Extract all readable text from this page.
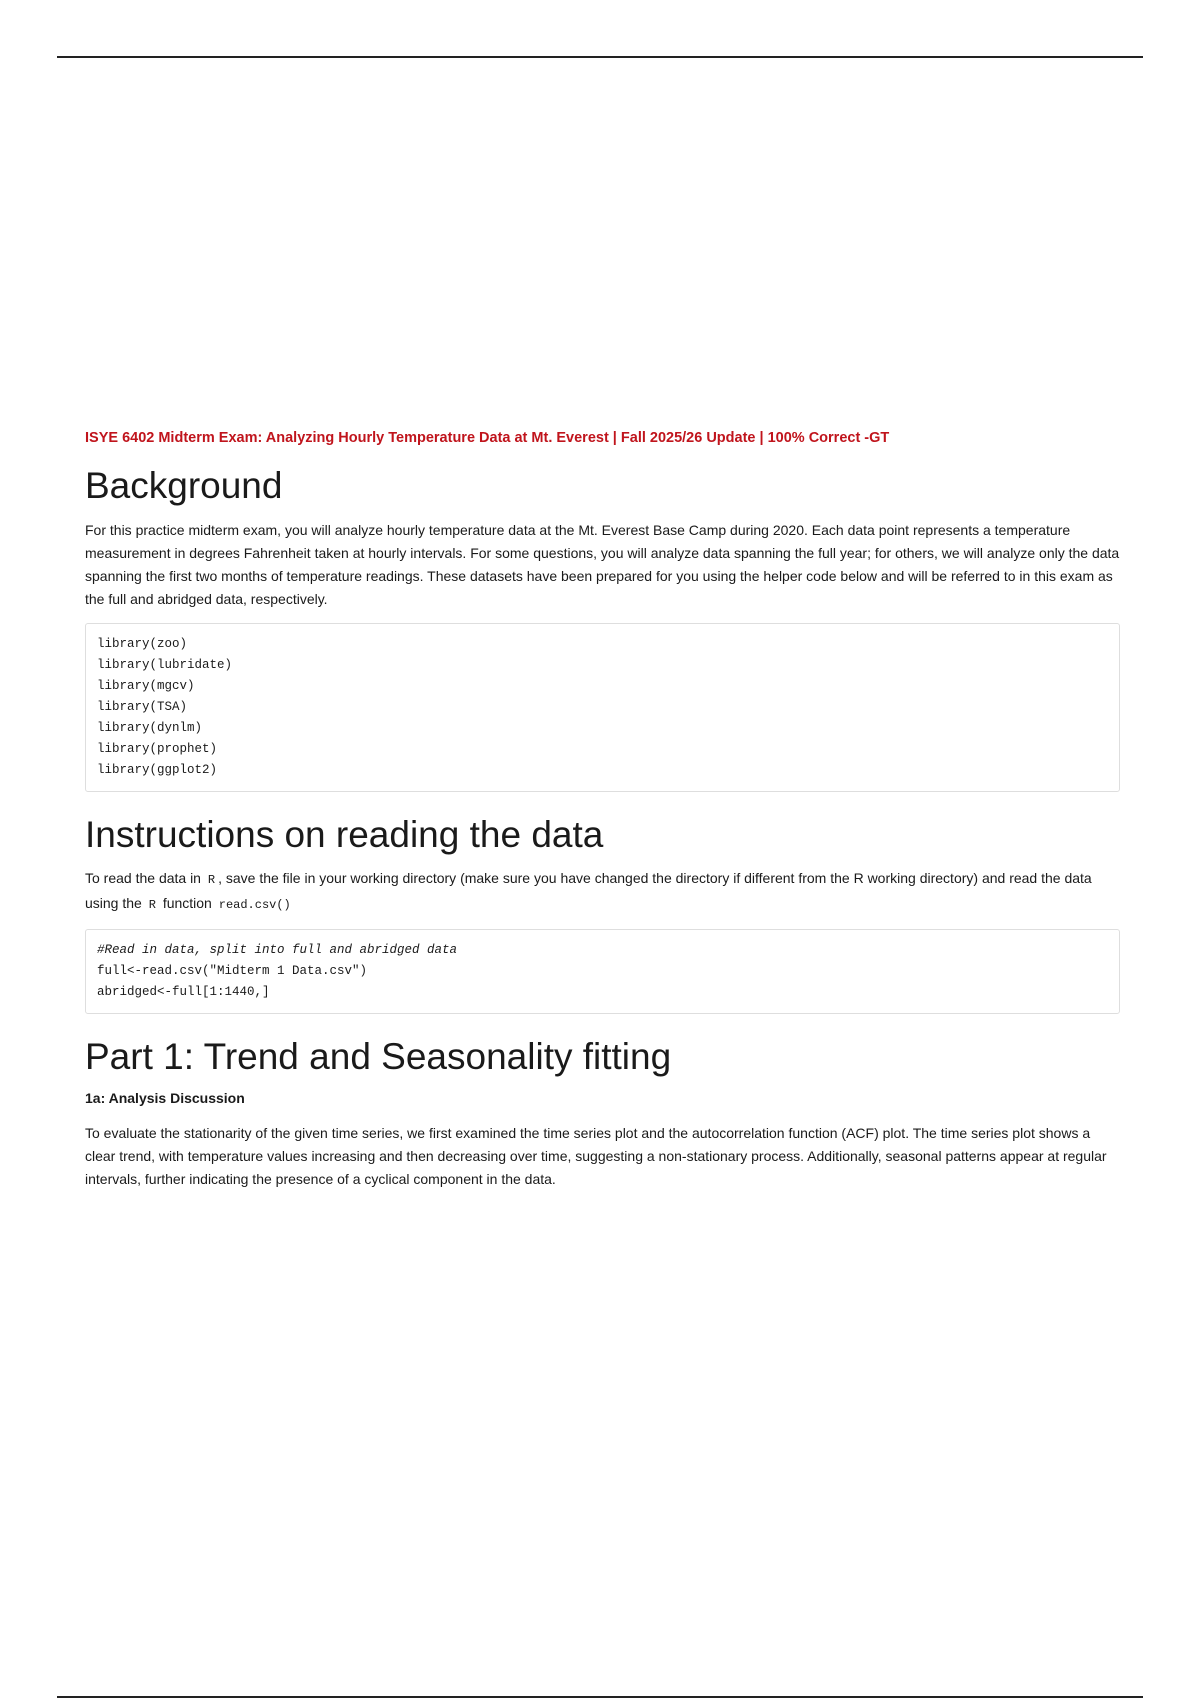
ISYE 6402 Midterm Exam: Analyzing Hourly Temperature Data at Mt. Everest | Fall 2025/26 Update | 100% Correct -GT
Background

For this practice midterm exam, you will analyze hourly temperature data at the Mt. Everest Base Camp during 2020. Each data point represents a temperature measurement in degrees Fahrenheit taken at hourly intervals. For some questions, you will analyze data spanning the full year; for others, we will analyze only the data spanning the first two months of temperature readings. These datasets have been prepared for you using the helper code below and will be referred to in this exam as the full and abridged data, respectively.

library(zoo)
library(lubridate)
library(mgcv)
library(TSA)
library(dynlm)
library(prophet)
library(ggplot2)
Instructions on reading the data

To read the data in R , save the file in your working directory (make sure you have changed the directory if different from the R working directory) and read the data using the R function read.csv()

#Read in data, split into full and abridged data
full<-read.csv("Midterm 1 Data.csv")
abridged<-full[1:1440,]
Part 1: Trend and Seasonality fitting
1a: Analysis Discussion

To evaluate the stationarity of the given time series, we first examined the time series plot and the autocorrelation function (ACF) plot. The time series plot shows a clear trend, with temperature values increasing and then decreasing over time, suggesting a non-stationary process. Additionally, seasonal patterns appear at regular intervals, further indicating the presence of a cyclical component in the data.
